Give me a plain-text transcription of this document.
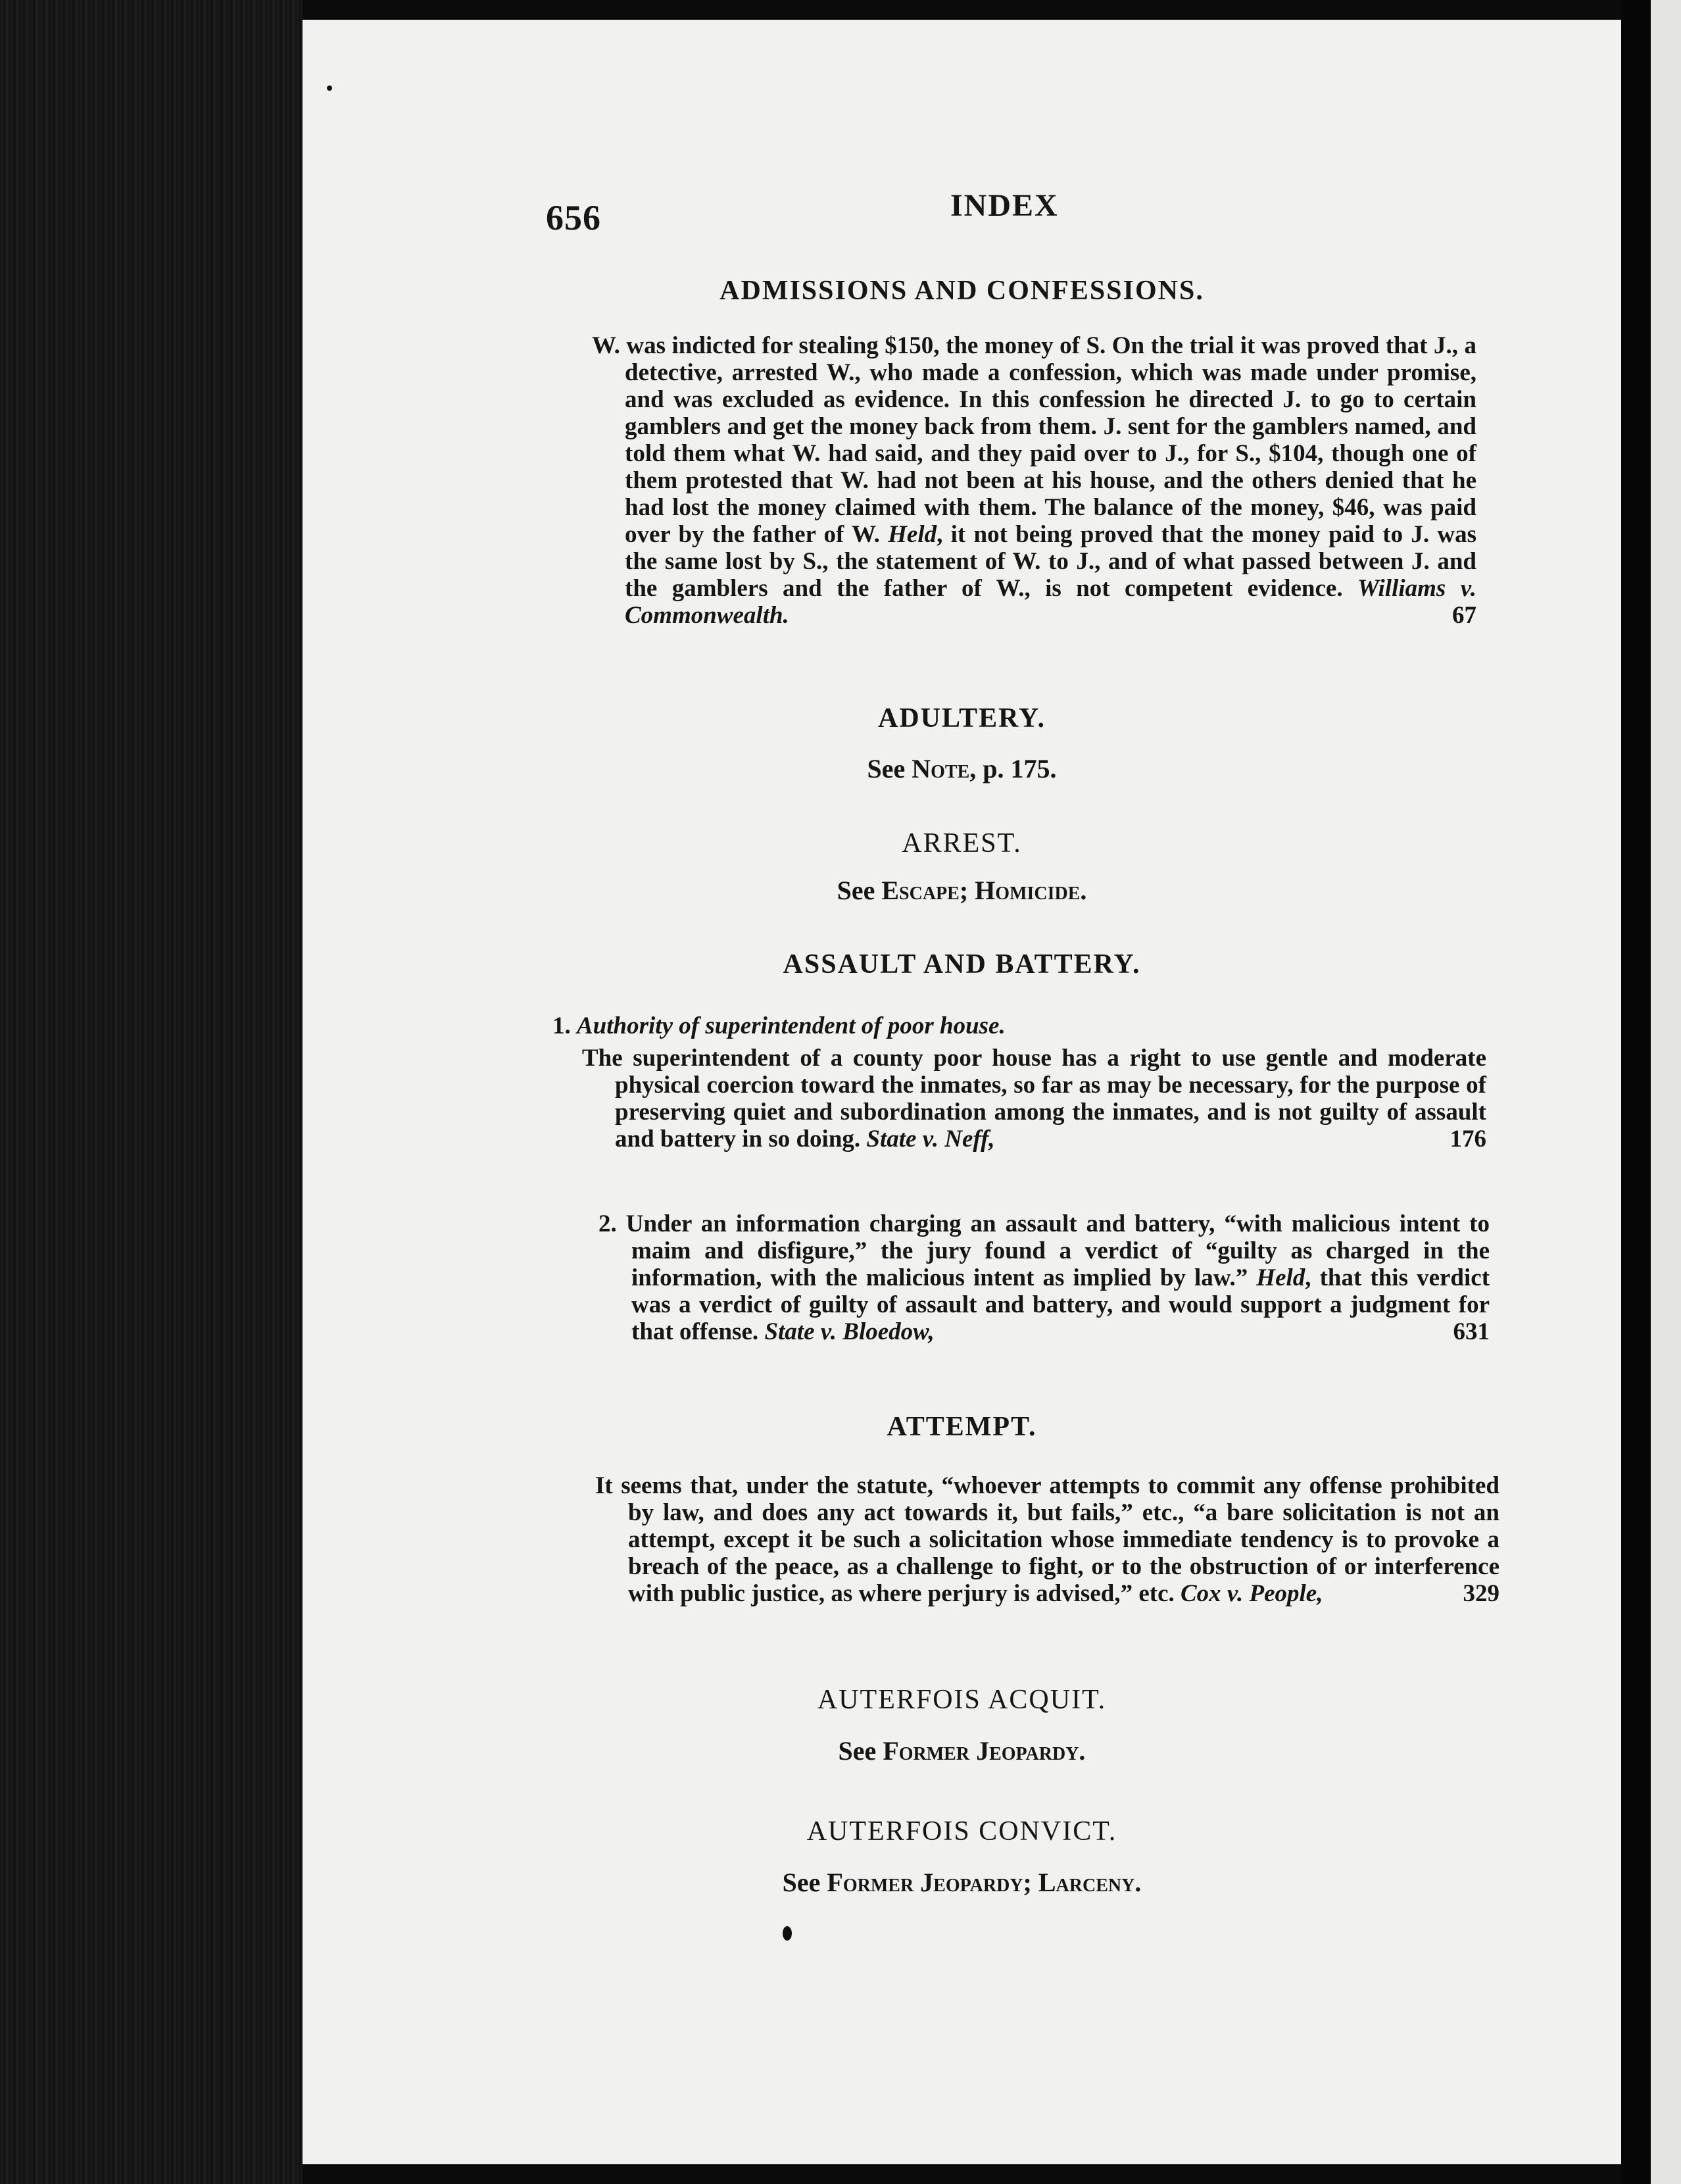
656	INDEX
ADMISSIONS AND CONFESSIONS.
W. was indicted for stealing $150, the money of S. On the trial it was proved that J., a detective, arrested W., who made a confession, which was made under promise, and was excluded as evidence. In this confession he directed J. to go to certain gamblers and get the money back from them. J. sent for the gamblers named, and told them what W. had said, and they paid over to J., for S., $104, though one of them protested that W. had not been at his house, and the others denied that he had lost the money claimed with them. The balance of the money, $46, was paid over by the father of W. Held, it not being proved that the money paid to J. was the same lost by S., the statement of W. to J., and of what passed between J. and the gamblers and the father of W., is not competent evidence. Williams v. Commonwealth.	67
ADULTERY.
See Note, p. 175.
ARREST.
See Escape; Homicide.
ASSAULT AND BATTERY.
1. Authority of superintendent of poor house.
The superintendent of a county poor house has a right to use gentle and moderate physical coercion toward the inmates, so far as may be necessary, for the purpose of preserving quiet and subordination among the inmates, and is not guilty of assault and battery in so doing. State v. Neff,	176
2. Under an information charging an assault and battery, “with malicious intent to maim and disfigure,” the jury found a verdict of “guilty as charged in the information, with the malicious intent as implied by law.” Held, that this verdict was a verdict of guilty of assault and battery, and would support a judgment for that offense. State v. Bloedow,	631
ATTEMPT.
It seems that, under the statute, “whoever attempts to commit any offense prohibited by law, and does any act towards it, but fails,” etc., “a bare solicitation is not an attempt, except it be such a solicitation whose immediate tendency is to provoke a breach of the peace, as a challenge to fight, or to the obstruction of or interference with public justice, as where perjury is advised,” etc. Cox v. People,	329
AUTERFOIS ACQUIT.
See Former Jeopardy.
AUTERFOIS CONVICT.
See Former Jeopardy; Larceny.
